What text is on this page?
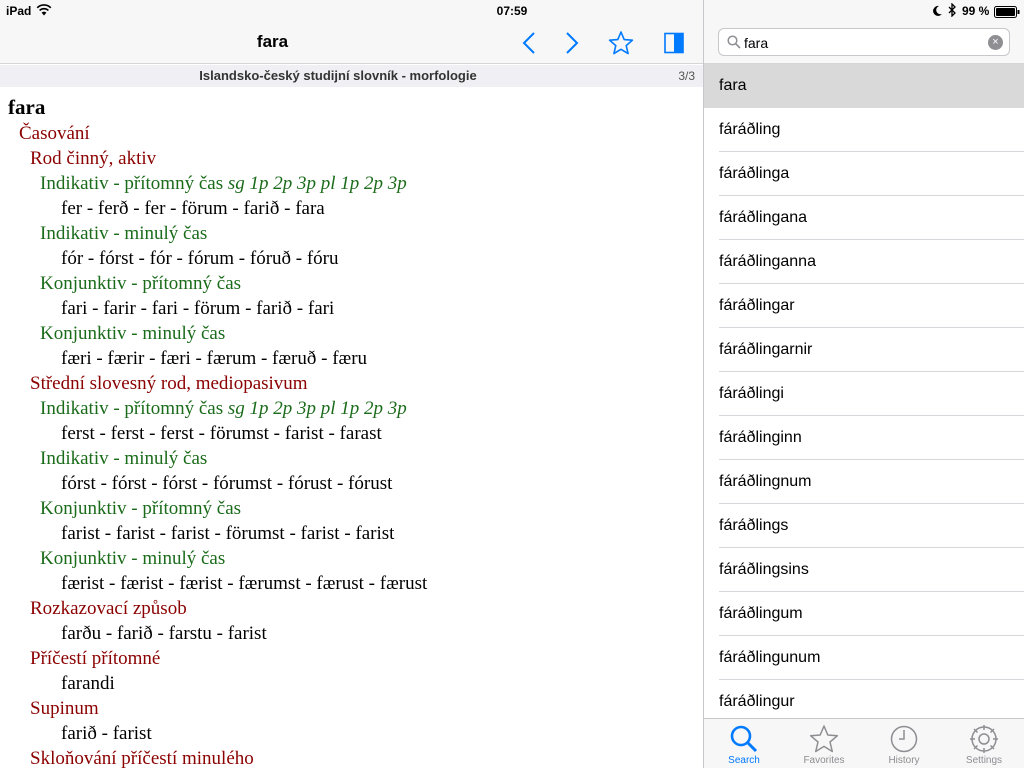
iPad
fara
Islandsko-český studijní slovník - morfologie	3/3
fara
Časování
Rod činný, aktiv
Indikativ - přítomný čas sg 1p 2p 3p pl 1p 2p 3p
fer - ferð - fer - förum - farið - fara
Indikativ - minulý čas
fór - fórst - fór - fórum - fóruð - fóru
Konjunktiv - přítomný čas
fari - farir - fari - förum - farið - fari
Konjunktiv - minulý čas
færi - færir - færi - færum - færuð - færu
Střední slovesný rod, mediopasivum
Indikativ - přítomný čas sg 1p 2p 3p pl 1p 2p 3p
ferst - ferst - ferst - förumst - farist - farast
Indikativ - minulý čas
fórst - fórst - fórst - fórumst - fórust - fórust
Konjunktiv - přítomný čas
farist - farist - farist - förumst - farist - farist
Konjunktiv - minulý čas
færist - færist - færist - færumst - færust - færust
Rozkazovací způsob
farðu - farið - farstu - farist
Příčestí přítomné
farandi
Supinum
farið - farist
Skloňování příčestí minulého
99 %
fara
×
fara
fáráðling
fáráðlinga
fáráðlingana
fáráðlinganna
fáráðlingar
fáráðlingarnir
fáráðlingi
fáráðlinginn
fáráðlingnum
fáráðlings
fáráðlingsins
fáráðlingum
fáráðlingunum
fáráðlingur
Search	Favorites	History	Settings
07:59
